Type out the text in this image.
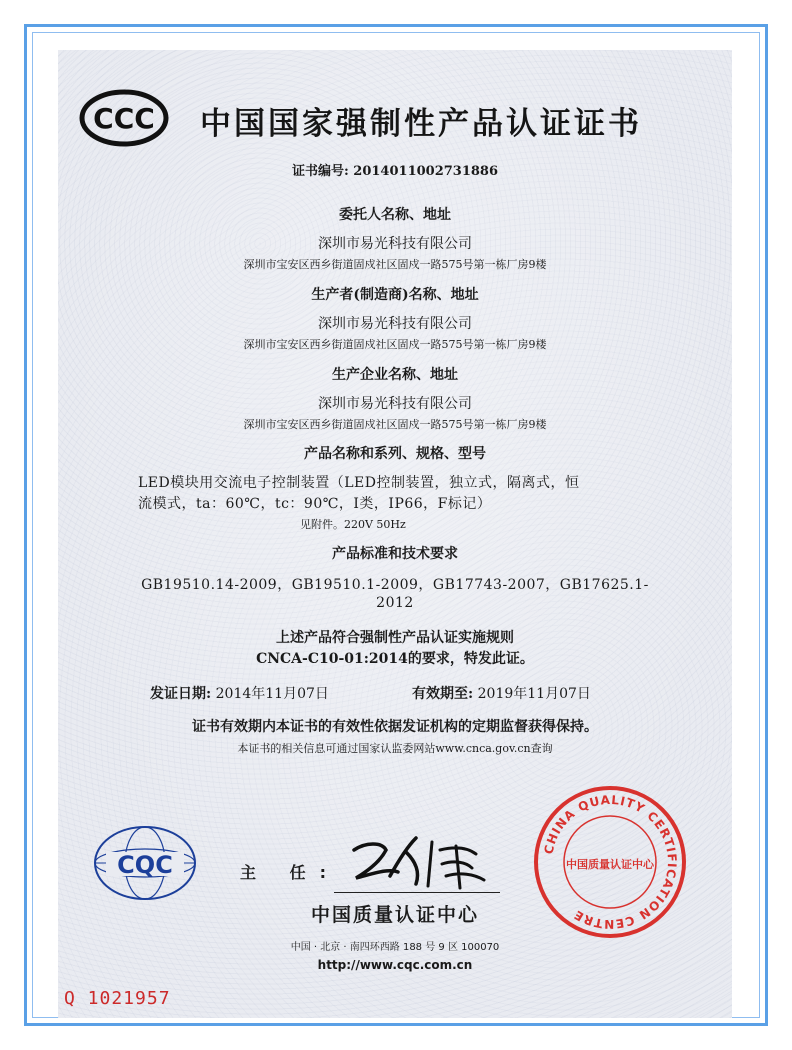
CCC 中国国家强制性产品认证证书
证书编号: 2014011002731886
委托人名称、地址
深圳市易光科技有限公司
深圳市宝安区西乡街道固戍社区固戍一路575号第一栋厂房9楼
生产者(制造商)名称、地址
深圳市易光科技有限公司
深圳市宝安区西乡街道固戍社区固戍一路575号第一栋厂房9楼
生产企业名称、地址
深圳市易光科技有限公司
深圳市宝安区西乡街道固戍社区固戍一路575号第一栋厂房9楼
产品名称和系列、规格、型号
LED模块用交流电子控制装置（LED控制装置，独立式，隔离式，恒
流模式，ta：60℃，tc：90℃，Ⅰ类，IP66，F标记）
见附件。220V 50Hz
产品标准和技术要求
GB19510.14-2009，GB19510.1-2009，GB17743-2007，GB17625.1-
2012
上述产品符合强制性产品认证实施规则
CNCA-C10-01:2014的要求，特发此证。
发证日期: 2014年11月07日	有效期至: 2019年11月07日
证书有效期内本证书的有效性依据发证机构的定期监督获得保持。
本证书的相关信息可通过国家认监委网站www.cnca.gov.cn查询
CQC	主 任:
中国质量认证中心
中国 · 北京 · 南四环西路 188 号 9 区 100070
http://www.cqc.com.cn
CHINA QUALITY CERTIFICATION CENTRE
中国质量认证中心
Q 1021957
